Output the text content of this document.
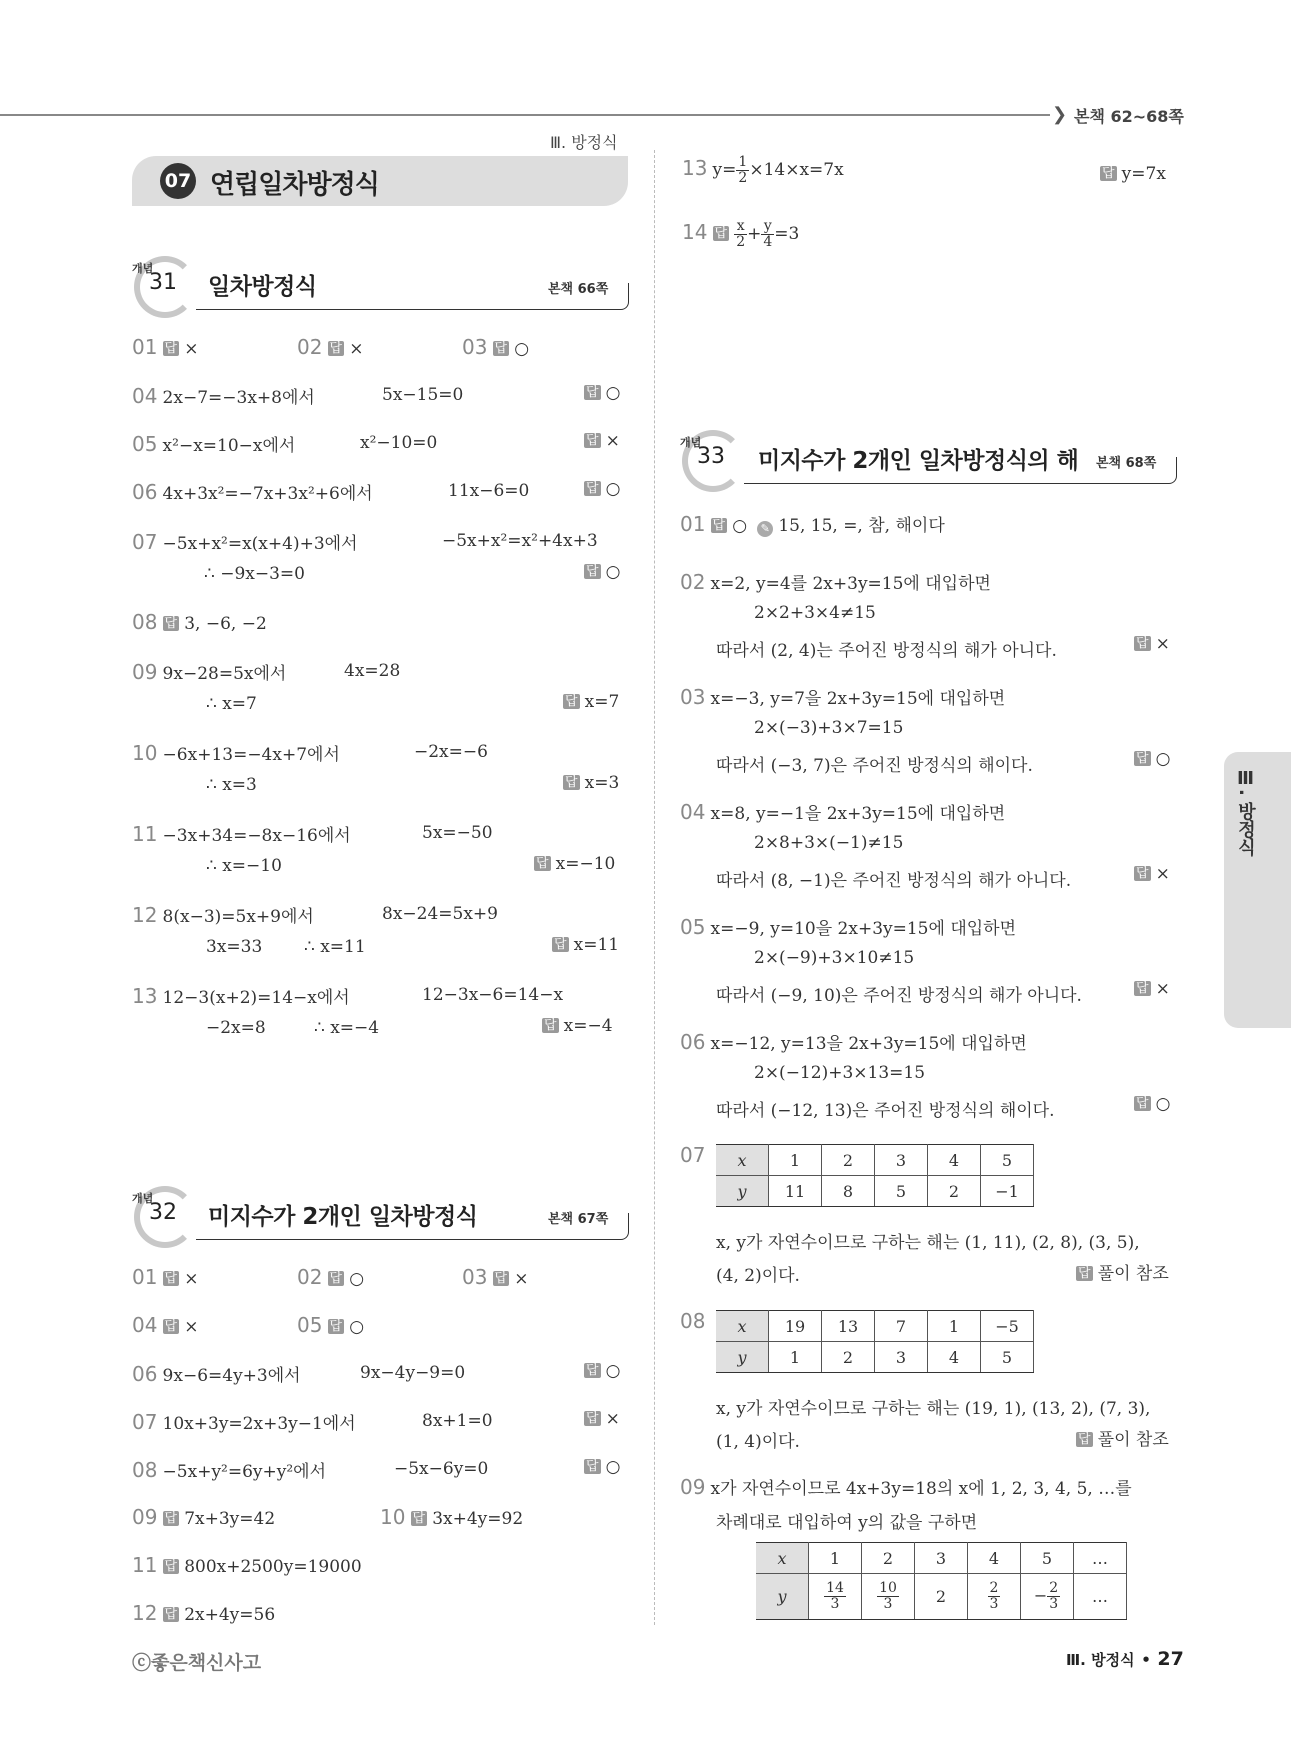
❯ 본책 62~68쪽
Ⅲ. 방정식
07 연립일차방정식
Ⅲ. 방정식
개념
31 일차방정식	본책 66쪽
01 답 ×	02 답 ×	03 답 ○
04 2x−7=−3x+8에서	5x−15=0	답 ○
05 x²−x=10−x에서	x²−10=0	답 ×
06 4x+3x²=−7x+3x²+6에서	11x−6=0	답 ○
07 −5x+x²=x(x+4)+3에서	−5x+x²=x²+4x+3
∴ −9x−3=0	답 ○
08 답 3, −6, −2
09 9x−28=5x에서	4x=28
∴ x=7	답 x=7
10 −6x+13=−4x+7에서	−2x=−6
∴ x=3	답 x=3
11 −3x+34=−8x−16에서	5x=−50
∴ x=−10	답 x=−10
12 8(x−3)=5x+9에서	8x−24=5x+9
3x=33 ∴ x=11	답 x=11
13 12−3(x+2)=14−x에서	12−3x−6=14−x
−2x=8	∴ x=−4	답 x=−4
개념
32 미지수가 2개인 일차방정식	본책 67쪽
01 답 ×	02 답 ○	03 답 ×
04 답 ×	05 답 ○
06 9x−6=4y+3에서	9x−4y−9=0	답 ○
07 10x+3y=2x+3y−1에서	8x+1=0	답 ×
08 −5x+y²=6y+y²에서	−5x−6y=0	답 ○
09 답 7x+3y=42	10 답 3x+4y=92
11 답 800x+2500y=19000
12 답 2x+4y=56
13 $y= \frac{1}{2} \times 14\times x=7x$	답 y=7x
14 답 $\frac{x}{2} + \frac{y}{4} =3$
개념
33 미지수가 2개인 일차방정식의 해 본책 68쪽
01 답 ○ ✎ 15, 15, =, 참, 해이다
02 x=2, y=4를 2x+3y=15에 대입하면
2×2+3×4≠15
따라서 (2, 4)는 주어진 방정식의 해가 아니다.	답 ×
03 x=−3, y=7을 2x+3y=15에 대입하면
2×(−3)+3×7=15
따라서 (−3, 7)은 주어진 방정식의 해이다.	답 ○
04 x=8, y=−1을 2x+3y=15에 대입하면
2×8+3×(−1)≠15
따라서 (8, −1)은 주어진 방정식의 해가 아니다.	답 ×
05 x=−9, y=10을 2x+3y=15에 대입하면
2×(−9)+3×10≠15
따라서 (−9, 10)은 주어진 방정식의 해가 아니다.	답 ×
06 x=−12, y=13을 2x+3y=15에 대입하면
2×(−12)+3×13=15
따라서 (−12, 13)은 주어진 방정식의 해이다.	답 ○
07 x	1	2	3	4	5
y	11	8	5	2	−1
x, y가 자연수이므로 구하는 해는 (1, 11), (2, 8), (3, 5),
(4, 2)이다.	답 풀이 참조
08 x	19	13	7	1	−5
y	1	2	3	4	5
x, y가 자연수이므로 구하는 해는 (19, 1), (13, 2), (7, 3),
(1, 4)이다.	답 풀이 참조
09 x가 자연수이므로 4x+3y=18의 x에 1, 2, 3, 4, 5, …를
차례대로 대입하여 y의 값을 구하면
x	1	2	3	4	5	…
y	$\frac{14}{3}$	$\frac{10}{3}$	2	$\frac{2}{3}$	− $\frac{2}{3}$	…
ⓒ좋은책신사고	Ⅲ. 방정식 • 27
